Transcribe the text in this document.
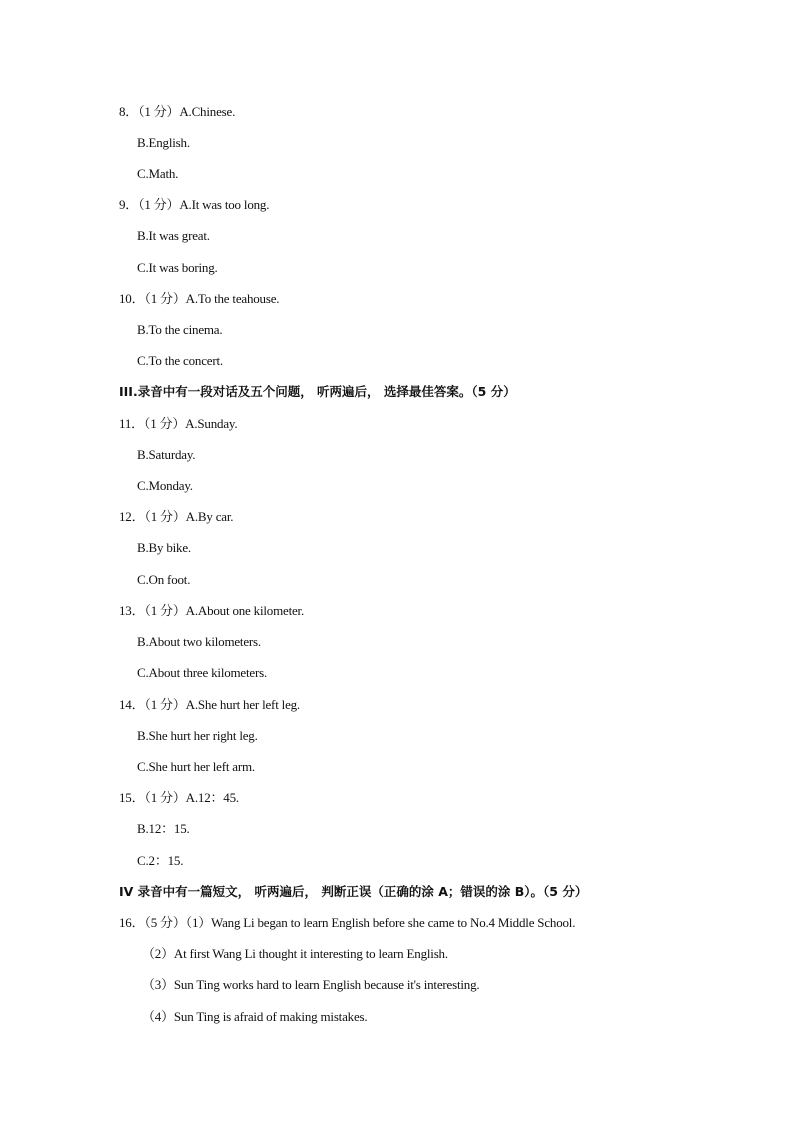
8．（1 分）A.Chinese.
B.English.
C.Math.
9．（1 分）A.It was too long.
B.It was great.
C.It was boring.
10．（1 分）A.To the teahouse.
B.To the cinema.
C.To the concert.
III.录音中有一段对话及五个问题， 听两遍后， 选择最佳答案。（5 分）
11．（1 分）A.Sunday.
B.Saturday.
C.Monday.
12．（1 分）A.By car.
B.By bike.
C.On foot.
13．（1 分）A.About one kilometer.
B.About two kilometers.
C.About three kilometers.
14．（1 分）A.She hurt her left leg.
B.She hurt her right leg.
C.She hurt her left arm.
15．（1 分）A.12：45.
B.12：15.
C.2：15.
IV 录音中有一篇短文， 听两遍后， 判断正误（正确的涂 A；错误的涂 B）。（5 分）
16．（5 分）（1）Wang Li began to learn English before she came to No.4 Middle School.
（2）At first Wang Li thought it interesting to learn English.
（3）Sun Ting works hard to learn English because it's interesting.
（4）Sun Ting is afraid of making mistakes.
